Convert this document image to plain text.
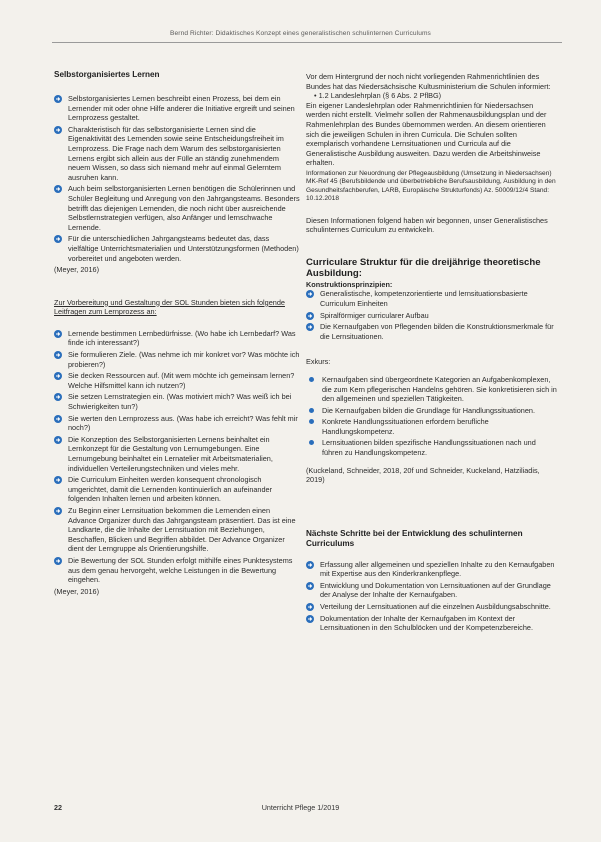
Bernd Richter: Didaktisches Konzept eines generalistischen schulinternen Curriculums
Selbstorganisiertes Lernen
Selbstorganisiertes Lernen beschreibt einen Prozess, bei dem ein Lernender mit oder ohne Hilfe anderer die Initiative ergreift und seinen Lernprozess gestaltet.
Charakteristisch für das selbstorganisierte Lernen sind die Eigenaktivität des Lernenden sowie seine Entscheidungsfreiheit im Lernprozess. Die Frage nach dem Warum des selbstorganisierten Lernens ergibt sich allein aus der Fülle an ständig zunehmendem neuem Wissen, so dass sich niemand mehr auf einmal Gelerntem ausruhen kann.
Auch beim selbstorganisierten Lernen benötigen die Schülerinnen und Schüler Begleitung und Anregung von den Jahrgangsteams. Besonders betrifft das diejenigen Lernenden, die noch nicht über ausreichende Selbstlernstrategien verfügen, also Anfänger und lernschwache Lernende.
Für die unterschiedlichen Jahrgangsteams bedeutet das, dass vielfältige Unterrichtsmaterialien und Unterstützungsformen (Methoden) vorbereitet und angeboten werden.

(Meyer, 2016)

Zur Vorbereitung und Gestaltung der SOL Stunden bieten sich folgende Leitfragen zum Lernprozess an:

Lernende bestimmen Lernbedürfnisse. (Wo habe ich Lernbedarf? Was finde ich interessant?)
Sie formulieren Ziele. (Was nehme ich mir konkret vor? Was möchte ich probieren?)
Sie decken Ressourcen auf. (Mit wem möchte ich gemeinsam lernen? Welche Hilfsmittel kann ich nutzen?)
Sie setzen Lernstrategien ein. (Was motiviert mich? Was weiß ich bei Schwierigkeiten tun?)
Sie werten den Lernprozess aus. (Was habe ich erreicht? Was fehlt mir noch?)
Die Konzeption des Selbstorganisierten Lernens beinhaltet ein Lernkonzept für die Gestaltung von Lernumgebungen. Eine Lernumgebung beinhaltet ein Lernatelier mit Arbeitsmaterialien, individuellen Verteilerungstechniken und vieles mehr.
Die Curriculum Einheiten werden konsequent chronologisch umgerichtet, damit die Lernenden kontinuierlich an aufeinander folgenden Inhalten lernen und arbeiten können.
Zu Beginn einer Lernsituation bekommen die Lernenden einen Advance Organizer durch das Jahrgangsteam präsentiert. Das ist eine Landkarte, die die Inhalte der Lernsituation mit Beziehungen, Beschaffen, Blicken und Begriffen abbildet. Der Advance Organizer dient der Lerngruppe als Orientierungshilfe.
Die Bewertung der SOL Stunden erfolgt mithilfe eines Punktesystems aus dem genau hervorgeht, welche Leistungen in die Bewertung eingehen.

(Meyer, 2016)

Vor dem Hintergrund der noch nicht vorliegenden Rahmenrichtlinien des Bundes hat das Niedersächsische Kultusministerium die Schulen informiert:

• 1.2 Landeslehrplan (§ 6 Abs. 2 PflBG)

Ein eigener Landeslehrplan oder Rahmenrichtlinien für Niedersachsen werden nicht erstellt. Vielmehr sollen der Rahmenausbildungsplan und der Rahmenlehrplan des Bundes übernommen werden. An diesem orientieren sich die jeweiligen Schulen in ihren Curricula. Die Schulen sollten exemplarisch vorhandene Lernsituationen und Curricula auf die Generalistische Ausbildung ausweiten. Dazu werden die Arbeitshinweise erhalten.

Informationen zur Neuordnung der Pflegeausbildung (Umsetzung in Niedersachsen) MK-Ref 45 (Berufsbildende und überbetriebliche Berufsausbildung, Ausbildung in den Gesundheitsfachberufen, LARB, Europäische Strukturfonds) Az. 50009/12/4 Stand: 10.12.2018

Diesen Informationen folgend haben wir begonnen, unser Generalistisches schulinternes Curriculum zu entwickeln.

Curriculare Struktur für die dreijährige theoretische Ausbildung:

Konstruktionsprinzipien:

Generalistische, kompetenzorientierte und lernsituationsbasierte Curriculum Einheiten
Spiralförmiger curricularer Aufbau
Die Kernaufgaben von Pflegenden bilden die Konstruktionsmerkmale für die Lernsituationen.

Exkurs:

Kernaufgaben sind übergeordnete Kategorien an Aufgabenkomplexen, die zum Kern pflegerischen Handelns gehören. Sie konkretisieren sich in den allgemeinen und speziellen Tätigkeiten.
Die Kernaufgaben bilden die Grundlage für Handlungssituationen.
Konkrete Handlungssituationen erfordern berufliche Handlungskompetenz.
Lernsituationen bilden spezifische Handlungssituationen nach und führen zu Handlungskompetenz.

(Kuckeland, Schneider, 2018, 20f und Schneider, Kuckeland, Hatziliadis, 2019)

Nächste Schritte bei der Entwicklung des schulinternen Curriculums
Erfassung aller allgemeinen und speziellen Inhalte zu den Kernaufgaben mit Expertise aus den Kinderkrankenpflege.
Entwicklung und Dokumentation von Lernsituationen auf der Grundlage der Analyse der Inhalte der Kernaufgaben.
Verteilung der Lernsituationen auf die einzelnen Ausbildungsabschnitte.
Dokumentation der Inhalte der Kernaufgaben im Kontext der Lernsituationen in den Schulblöcken und der Kompetenzbereiche.
22	Unterricht Pflege 1/2019
